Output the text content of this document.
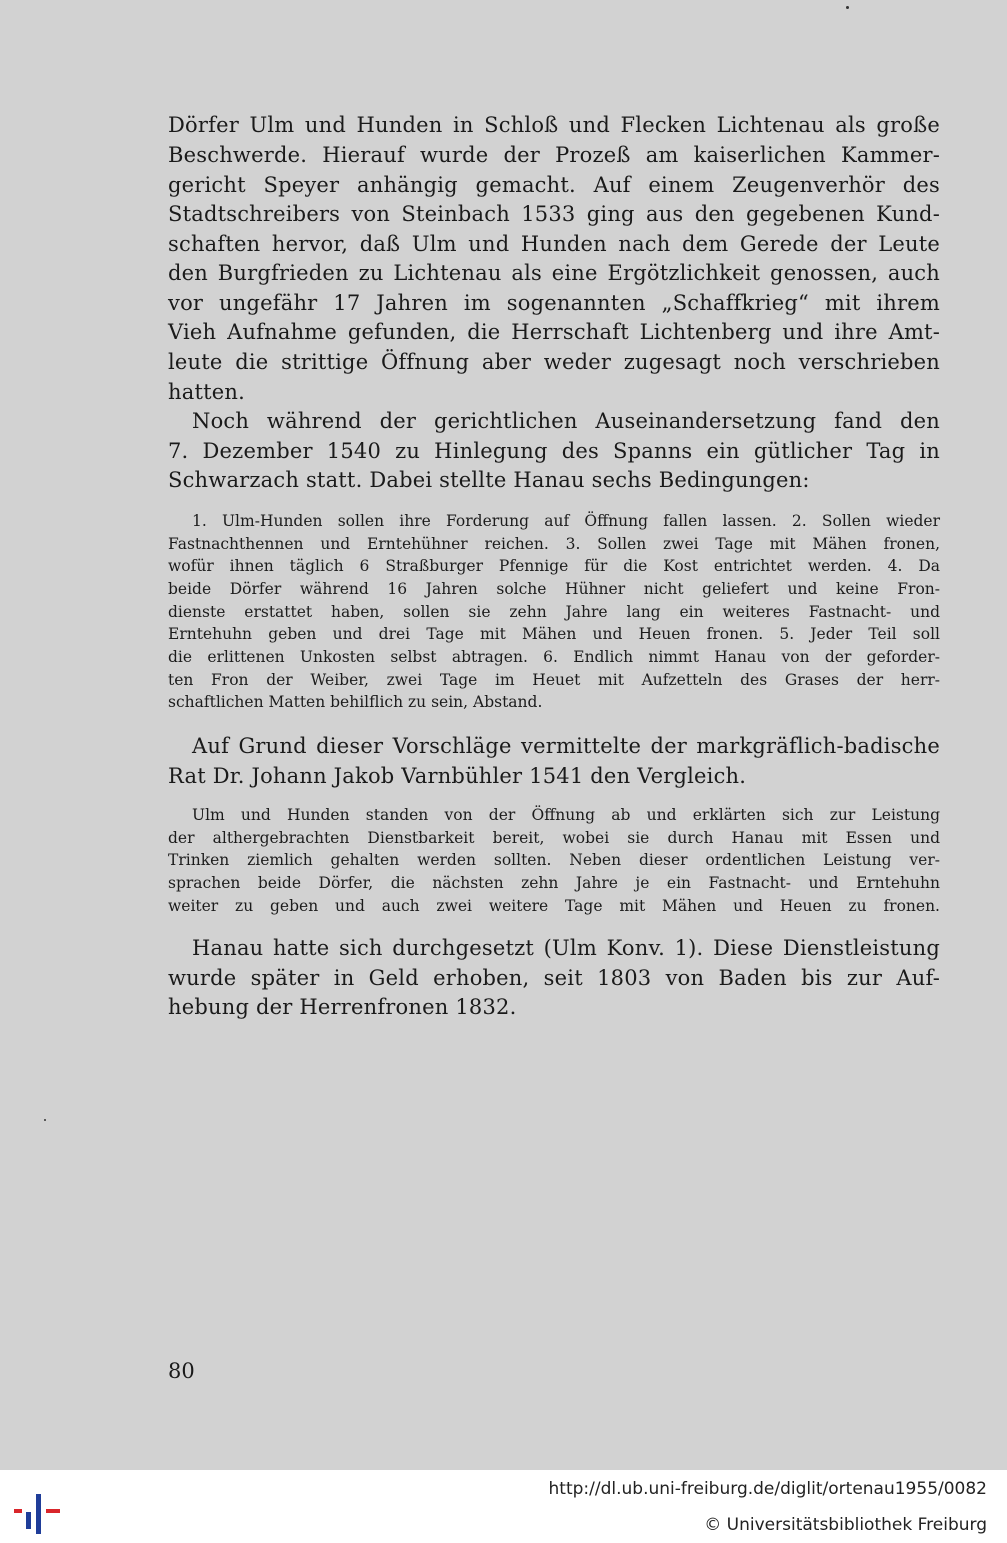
Dörfer Ulm und Hunden in Schloß und Flecken Lichtenau als große
Beschwerde. Hierauf wurde der Prozeß am kaiserlichen Kammer-
gericht Speyer anhängig gemacht. Auf einem Zeugenverhör des
Stadtschreibers von Steinbach 1533 ging aus den gegebenen Kund-
schaften hervor, daß Ulm und Hunden nach dem Gerede der Leute
den Burgfrieden zu Lichtenau als eine Ergötzlichkeit genossen, auch
vor ungefähr 17 Jahren im sogenannten „Schaffkrieg“ mit ihrem
Vieh Aufnahme gefunden, die Herrschaft Lichtenberg und ihre Amt-
leute die strittige Öffnung aber weder zugesagt noch verschrieben
hatten.
Noch während der gerichtlichen Auseinandersetzung fand den
7. Dezember 1540 zu Hinlegung des Spanns ein gütlicher Tag in
Schwarzach statt. Dabei stellte Hanau sechs Bedingungen:
1. Ulm-Hunden sollen ihre Forderung auf Öffnung fallen lassen. 2. Sollen wieder
Fastnachthennen und Erntehühner reichen. 3. Sollen zwei Tage mit Mähen fronen,
wofür ihnen täglich 6 Straßburger Pfennige für die Kost entrichtet werden. 4. Da
beide Dörfer während 16 Jahren solche Hühner nicht geliefert und keine Fron-
dienste erstattet haben, sollen sie zehn Jahre lang ein weiteres Fastnacht- und
Erntehuhn geben und drei Tage mit Mähen und Heuen fronen. 5. Jeder Teil soll
die erlittenen Unkosten selbst abtragen. 6. Endlich nimmt Hanau von der geforder-
ten Fron der Weiber, zwei Tage im Heuet mit Aufzetteln des Grases der herr-
schaftlichen Matten behilflich zu sein, Abstand.
Auf Grund dieser Vorschläge vermittelte der markgräflich-badische
Rat Dr. Johann Jakob Varnbühler 1541 den Vergleich.
Ulm und Hunden standen von der Öffnung ab und erklärten sich zur Leistung
der althergebrachten Dienstbarkeit bereit, wobei sie durch Hanau mit Essen und
Trinken ziemlich gehalten werden sollten. Neben dieser ordentlichen Leistung ver-
sprachen beide Dörfer, die nächsten zehn Jahre je ein Fastnacht- und Erntehuhn
weiter zu geben und auch zwei weitere Tage mit Mähen und Heuen zu fronen.
Hanau hatte sich durchgesetzt (Ulm Konv. 1). Diese Dienstleistung
wurde später in Geld erhoben, seit 1803 von Baden bis zur Auf-
hebung der Herrenfronen 1832.
80
http://dl.ub.uni-freiburg.de/diglit/ortenau1955/0082
© Universitätsbibliothek Freiburg
